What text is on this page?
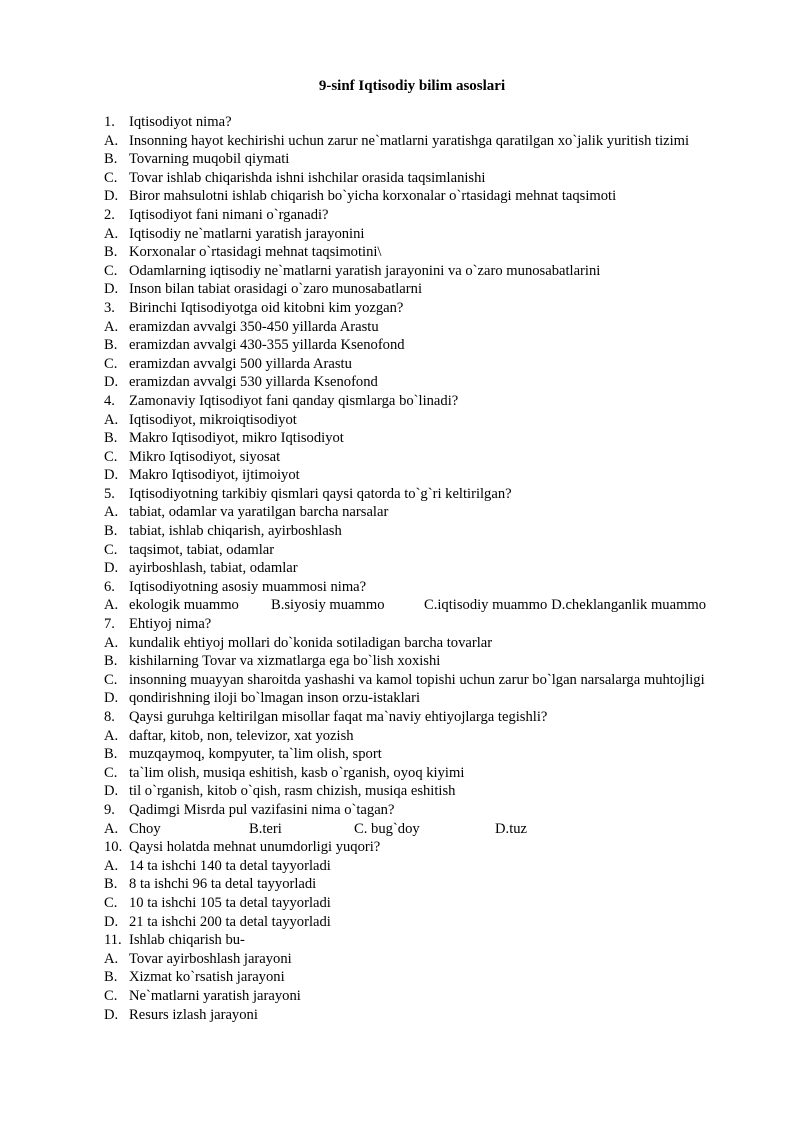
9-sinf Iqtisodiy bilim asoslari
1. Iqtisodiyot nima?
A. Insonning hayot kechirishi uchun zarur ne`matlarni yaratishga qaratilgan xo`jalik yuritish tizimi
B. Tovarning muqobil qiymati
C. Tovar ishlab chiqarishda ishni ishchilar orasida taqsimlanishi
D. Biror mahsulotni ishlab chiqarish bo`yicha korxonalar o`rtasidagi mehnat taqsimoti
2. Iqtisodiyot fani nimani o`rganadi?
A. Iqtisodiy ne`matlarni yaratish jarayonini
B. Korxonalar o`rtasidagi mehnat taqsimotini\
C. Odamlarning iqtisodiy ne`matlarni yaratish jarayonini va o`zaro munosabatlarini
D. Inson bilan tabiat orasidagi o`zaro munosabatlarni
3. Birinchi Iqtisodiyotga oid kitobni kim yozgan?
A. eramizdan avvalgi 350-450 yillarda Arastu
B. eramizdan avvalgi 430-355 yillarda Ksenofond
C. eramizdan avvalgi 500 yillarda Arastu
D. eramizdan avvalgi 530 yillarda Ksenofond
4. Zamonaviy Iqtisodiyot fani qanday qismlarga bo`linadi?
A. Iqtisodiyot, mikroiqtisodiyot
B. Makro Iqtisodiyot, mikro Iqtisodiyot
C. Mikro Iqtisodiyot, siyosat
D. Makro Iqtisodiyot, ijtimoiyot
5. Iqtisodiyotning tarkibiy qismlari qaysi qatorda to`g`ri keltirilgan?
A. tabiat, odamlar va yaratilgan barcha narsalar
B. tabiat, ishlab chiqarish, ayirboshlash
C. taqsimot, tabiat, odamlar
D. ayirboshlash, tabiat, odamlar
6. Iqtisodiyotning asosiy muammosi nima?
A. ekologik muammo	B.siyosiy muammo	C.iqtisodiy muammo D.cheklanganlik muammo
7. Ehtiyoj nima?
A. kundalik ehtiyoj mollari do`konida sotiladigan barcha tovarlar
B. kishilarning Tovar va xizmatlarga ega bo`lish xoxishi
C. insonning muayyan sharoitda yashashi va kamol topishi uchun zarur bo`lgan narsalarga muhtojligi
D. qondirishning iloji bo`lmagan inson orzu-istaklari
8. Qaysi guruhga keltirilgan misollar faqat ma`naviy ehtiyojlarga tegishli?
A. daftar, kitob, non, televizor, xat yozish
B. muzqaymoq, kompyuter, ta`lim olish, sport
C. ta`lim olish, musiqa eshitish, kasb o`rganish, oyoq kiyimi
D. til o`rganish, kitob o`qish, rasm chizish, musiqa eshitish
9. Qadimgi Misrda pul vazifasini nima o`tagan?
A. Choy	B.teri	C. bug`doy	D.tuz
10. Qaysi holatda mehnat unumdorligi yuqori?
A. 14 ta ishchi 140 ta detal tayyorladi
B. 8 ta ishchi 96 ta detal tayyorladi
C. 10 ta ishchi 105 ta detal tayyorladi
D. 21 ta ishchi 200 ta detal tayyorladi
11. Ishlab chiqarish bu-
A. Tovar ayirboshlash jarayoni
B. Xizmat ko`rsatish jarayoni
C. Ne`matlarni yaratish jarayoni
D. Resurs izlash jarayoni
